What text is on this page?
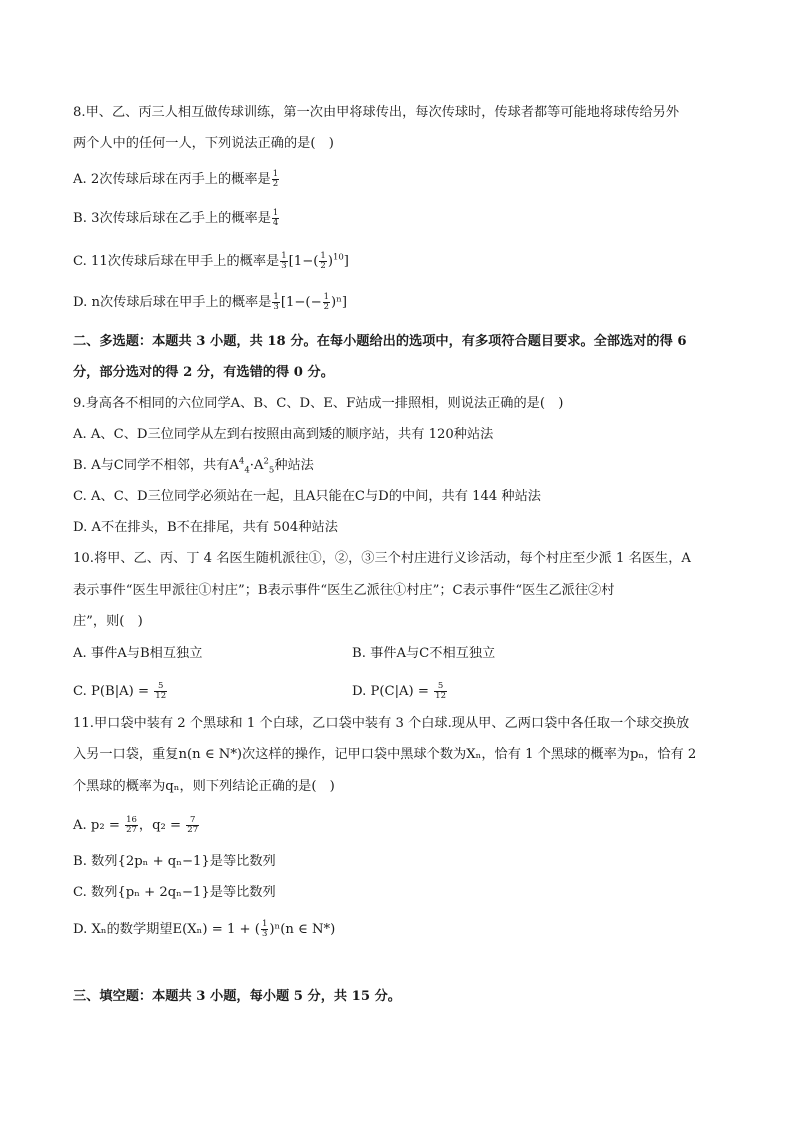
8.甲、乙、丙三人相互做传球训练，第一次由甲将球传出，每次传球时，传球者都等可能地将球传给另外
两个人中的任何一人，下列说法正确的是(　)
A. 2次传球后球在丙手上的概率是 $\frac{1}{2}$
B. 3次传球后球在乙手上的概率是 $\frac{1}{4}$
C. 11次传球后球在甲手上的概率是 $\frac{1}{3} [1-( \frac{1}{2} )^{10}]$
D. n次传球后球在甲手上的概率是 $\frac{1}{3} [1-(- \frac{1}{2} )^n]$
二、多选题：本题共 3 小题，共 18 分。在每小题给出的选项中，有多项符合题目要求。全部选对的得 6
分，部分选对的得 2 分，有选错的得 0 分。
9.身高各不相同的六位同学A、B、C、D、E、F站成一排照相，则说法正确的是(　)
A. A、C、D三位同学从左到右按照由高到矮的顺序站，共有 120种站法
B. A与C同学不相邻，共有$A^4_4\cdot A^2_5$种站法
C. A、C、D三位同学必须站在一起，且A只能在C与D的中间，共有 144 种站法
D. A不在排头，B不在排尾，共有 504种站法
10.将甲、乙、丙、丁 4 名医生随机派往①，②，③三个村庄进行义诊活动，每个村庄至少派 1 名医生，A
表示事件“医生甲派往①村庄”；B表示事件“医生乙派往①村庄”；C表示事件“医生乙派往②村
庄”，则(　)
A. 事件A与B相互独立	B. 事件A与C不相互独立
C. $P(B|A) = \frac{5}{12}$	D. $P(C|A) = \frac{5}{12}$
11.甲口袋中装有 2 个黑球和 1 个白球，乙口袋中装有 3 个白球.现从甲、乙两口袋中各任取一个球交换放
入另一口袋，重复n(n ∈ N*)次这样的操作，记甲口袋中黑球个数为Xₙ，恰有 1 个黑球的概率为pₙ，恰有 2
个黑球的概率为qₙ，则下列结论正确的是(　)
A. $p_2 = \frac{16}{27}$ ，$q_2 = \frac{7}{27}$
B. 数列{2pₙ + qₙ−1}是等比数列
C. 数列{pₙ + 2qₙ−1}是等比数列
D. Xₙ的数学期望E(Xₙ) = 1 + ( $\frac{1}{3} )^n(n$ ∈ N*)
三、填空题：本题共 3 小题，每小题 5 分，共 15 分。
